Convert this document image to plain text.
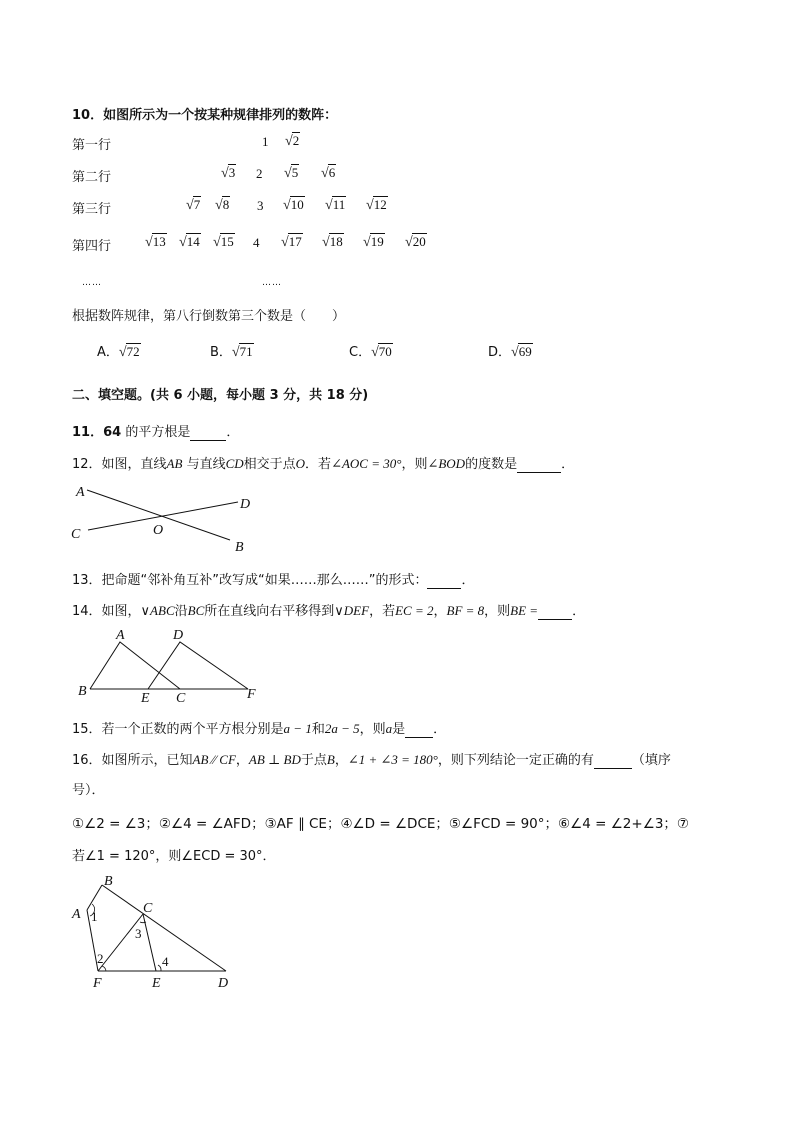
10．如图所示为一个按某种规律排列的数阵：
第一行	1 √2
第二行	√3 2 √5 √6
第三行	√7 √8 3 √10 √11 √12
第四行 √13 √14 √15 4 √17 √18 √19 √20
……	……
根据数阵规律，第八行倒数第三个数是（　　）
A．√72	B．√71	C．√70	D．√69
二、填空题。(共 6 小题，每小题 3 分，共 18 分)
11．64 的平方根是	．
12．如图，直线AB 与直线CD相交于点O．若∠AOC = 30°，则∠BOD的度数是	．
A
B
C
D
O
13．把命题“邻补角互补”改写成“如果……那么……”的形式：	．
14．如图，∨ABC沿BC所在直线向右平移得到∨DEF，若EC = 2，BF = 8，则BE =	．
A	D
B	E C	F
15．若一个正数的两个平方根分别是a − 1和2a − 5，则a是 ．
16．如图所示，已知AB ∕∕ CF，AB ⊥ BD于点B，∠1 + ∠3 = 180°，则下列结论一定正确的有	（填序
号）．
①∠2 = ∠3；②∠4 = ∠AFD；③AF ∥ CE；④∠D = ∠DCE；⑤∠FCD = 90°；⑥∠4 = ∠2+∠3；⑦
若∠1 = 120°，则∠ECD = 30°．
B
A	C
F	E	D
1
2
3
4
